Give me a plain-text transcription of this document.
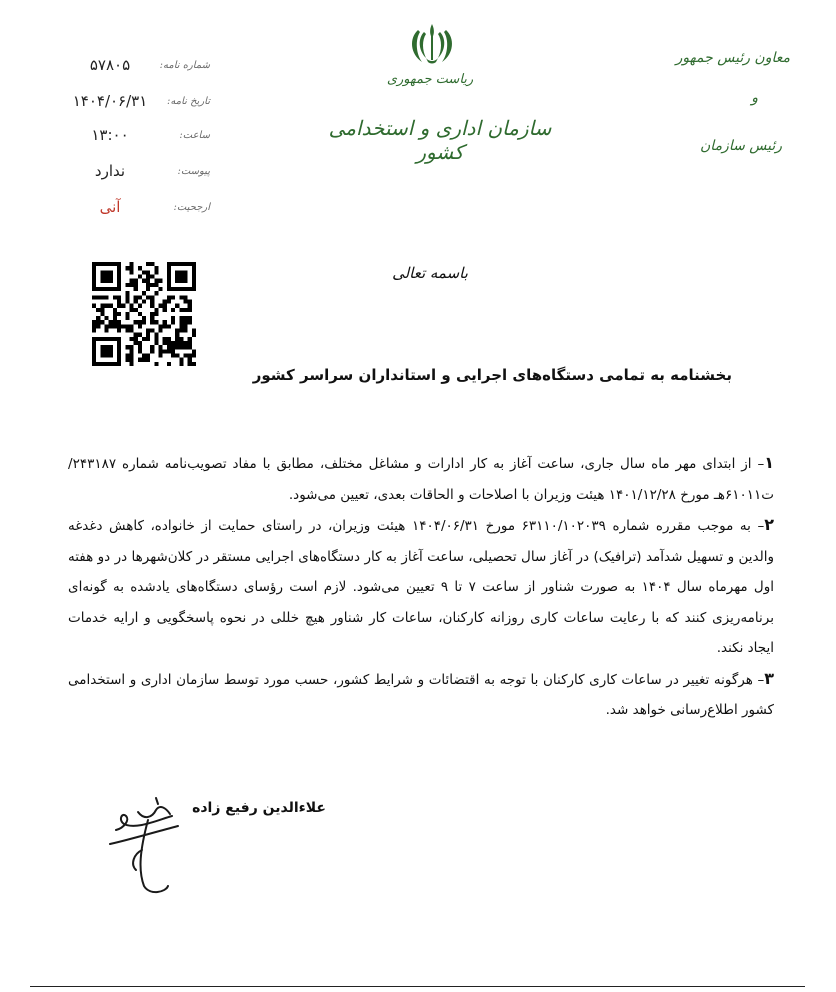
شماره نامه:
۵۷۸۰۵
تاریخ نامه:
۱۴۰۴/۰۶/۳۱
ساعت:
۱۳:۰۰
پیوست:
ندارد
ارجحیت:
آنی
ریاست جمهوری
سازمان اداری و استخدامی کشور
معاون رئیس جمهور
و
رئیس سازمان
باسمه تعالی
بخشنامه به تمامی دستگاه‌های اجرایی و استانداران سراسر کشور

۱– از ابتدای مهر ماه سال جاری، ساعت آغاز به کار ادارات و مشاغل مختلف، مطابق با مفاد تصویب‌نامه شماره ۲۴۳۱۸۷/ت۶۱۰۱۱هـ مورخ ۱۴۰۱/۱۲/۲۸ هیئت وزیران با اصلاحات و الحاقات بعدی، تعیین می‌شود.

۲– به موجب مقرره شماره ۶۳۱۱۰/۱۰۲۰۳۹ مورخ ۱۴۰۴/۰۶/۳۱ هیئت وزیران، در راستای حمایت از خانواده، کاهش دغدغه والدین و تسهیل شدآمد (ترافیک) در آغاز سال تحصیلی، ساعت آغاز به کار دستگاه‌های اجرایی مستقر در کلان‌شهرها در دو هفته اول مهرماه سال ۱۴۰۴ به صورت شناور از ساعت ۷ تا ۹ تعیین می‌شود. لازم است رؤسای دستگاه‌های یادشده به گونه‌ای برنامه‌ریزی کنند که با رعایت ساعات کاری روزانه کارکنان، ساعات کار شناور هیچ خللی در نحوه پاسخگویی و ارایه خدمات ایجاد نکند.

۳– هرگونه تغییر در ساعات کاری کارکنان با توجه به اقتضائات و شرایط کشور، حسب مورد توسط سازمان اداری و استخدامی کشور اطلاع‌رسانی خواهد شد.

علاءالدین رفیع زاده
